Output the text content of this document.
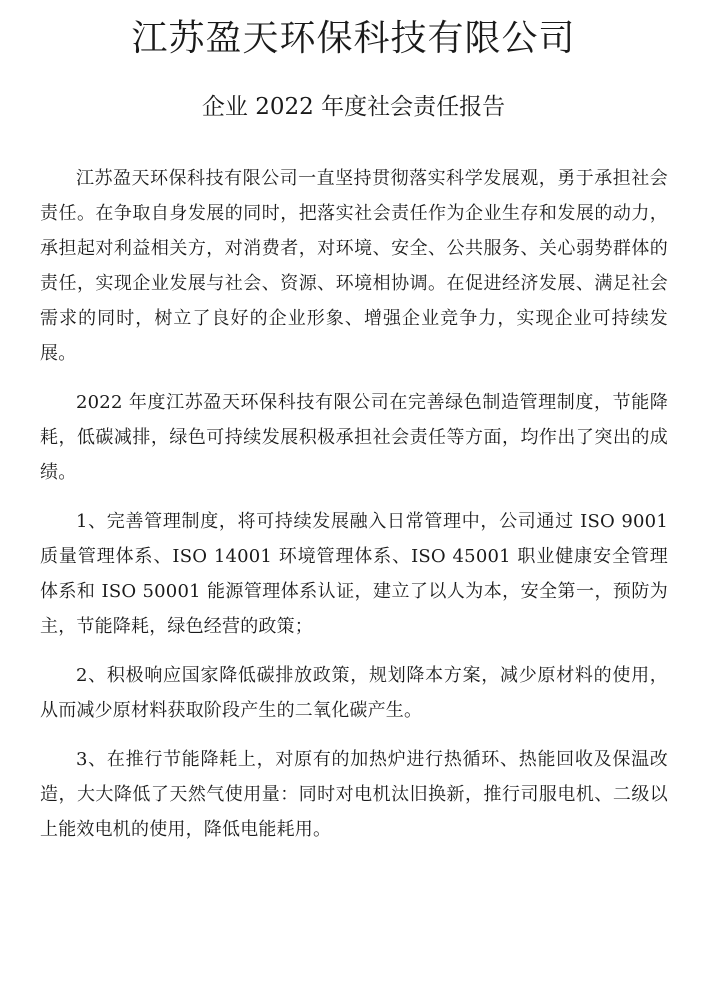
江苏盈天环保科技有限公司
企业 2022 年度社会责任报告

江苏盈天环保科技有限公司一直坚持贯彻落实科学发展观，勇于承担社会责任。在争取自身发展的同时，把落实社会责任作为企业生存和发展的动力，承担起对利益相关方，对消费者，对环境、安全、公共服务、关心弱势群体的责任，实现企业发展与社会、资源、环境相协调。在促进经济发展、满足社会需求的同时，树立了良好的企业形象、增强企业竞争力，实现企业可持续发展。

2022 年度江苏盈天环保科技有限公司在完善绿色制造管理制度，节能降耗，低碳减排，绿色可持续发展积极承担社会责任等方面，均作出了突出的成绩。

1、完善管理制度，将可持续发展融入日常管理中，公司通过 ISO 9001 质量管理体系、ISO 14001 环境管理体系、ISO 45001 职业健康安全管理体系和 ISO 50001 能源管理体系认证，建立了以人为本，安全第一，预防为主，节能降耗，绿色经营的政策；

2、积极响应国家降低碳排放政策，规划降本方案，减少原材料的使用，从而减少原材料获取阶段产生的二氧化碳产生。

3、在推行节能降耗上，对原有的加热炉进行热循环、热能回收及保温改造，大大降低了天然气使用量：同时对电机汰旧换新，推行司服电机、二级以上能效电机的使用，降低电能耗用。
